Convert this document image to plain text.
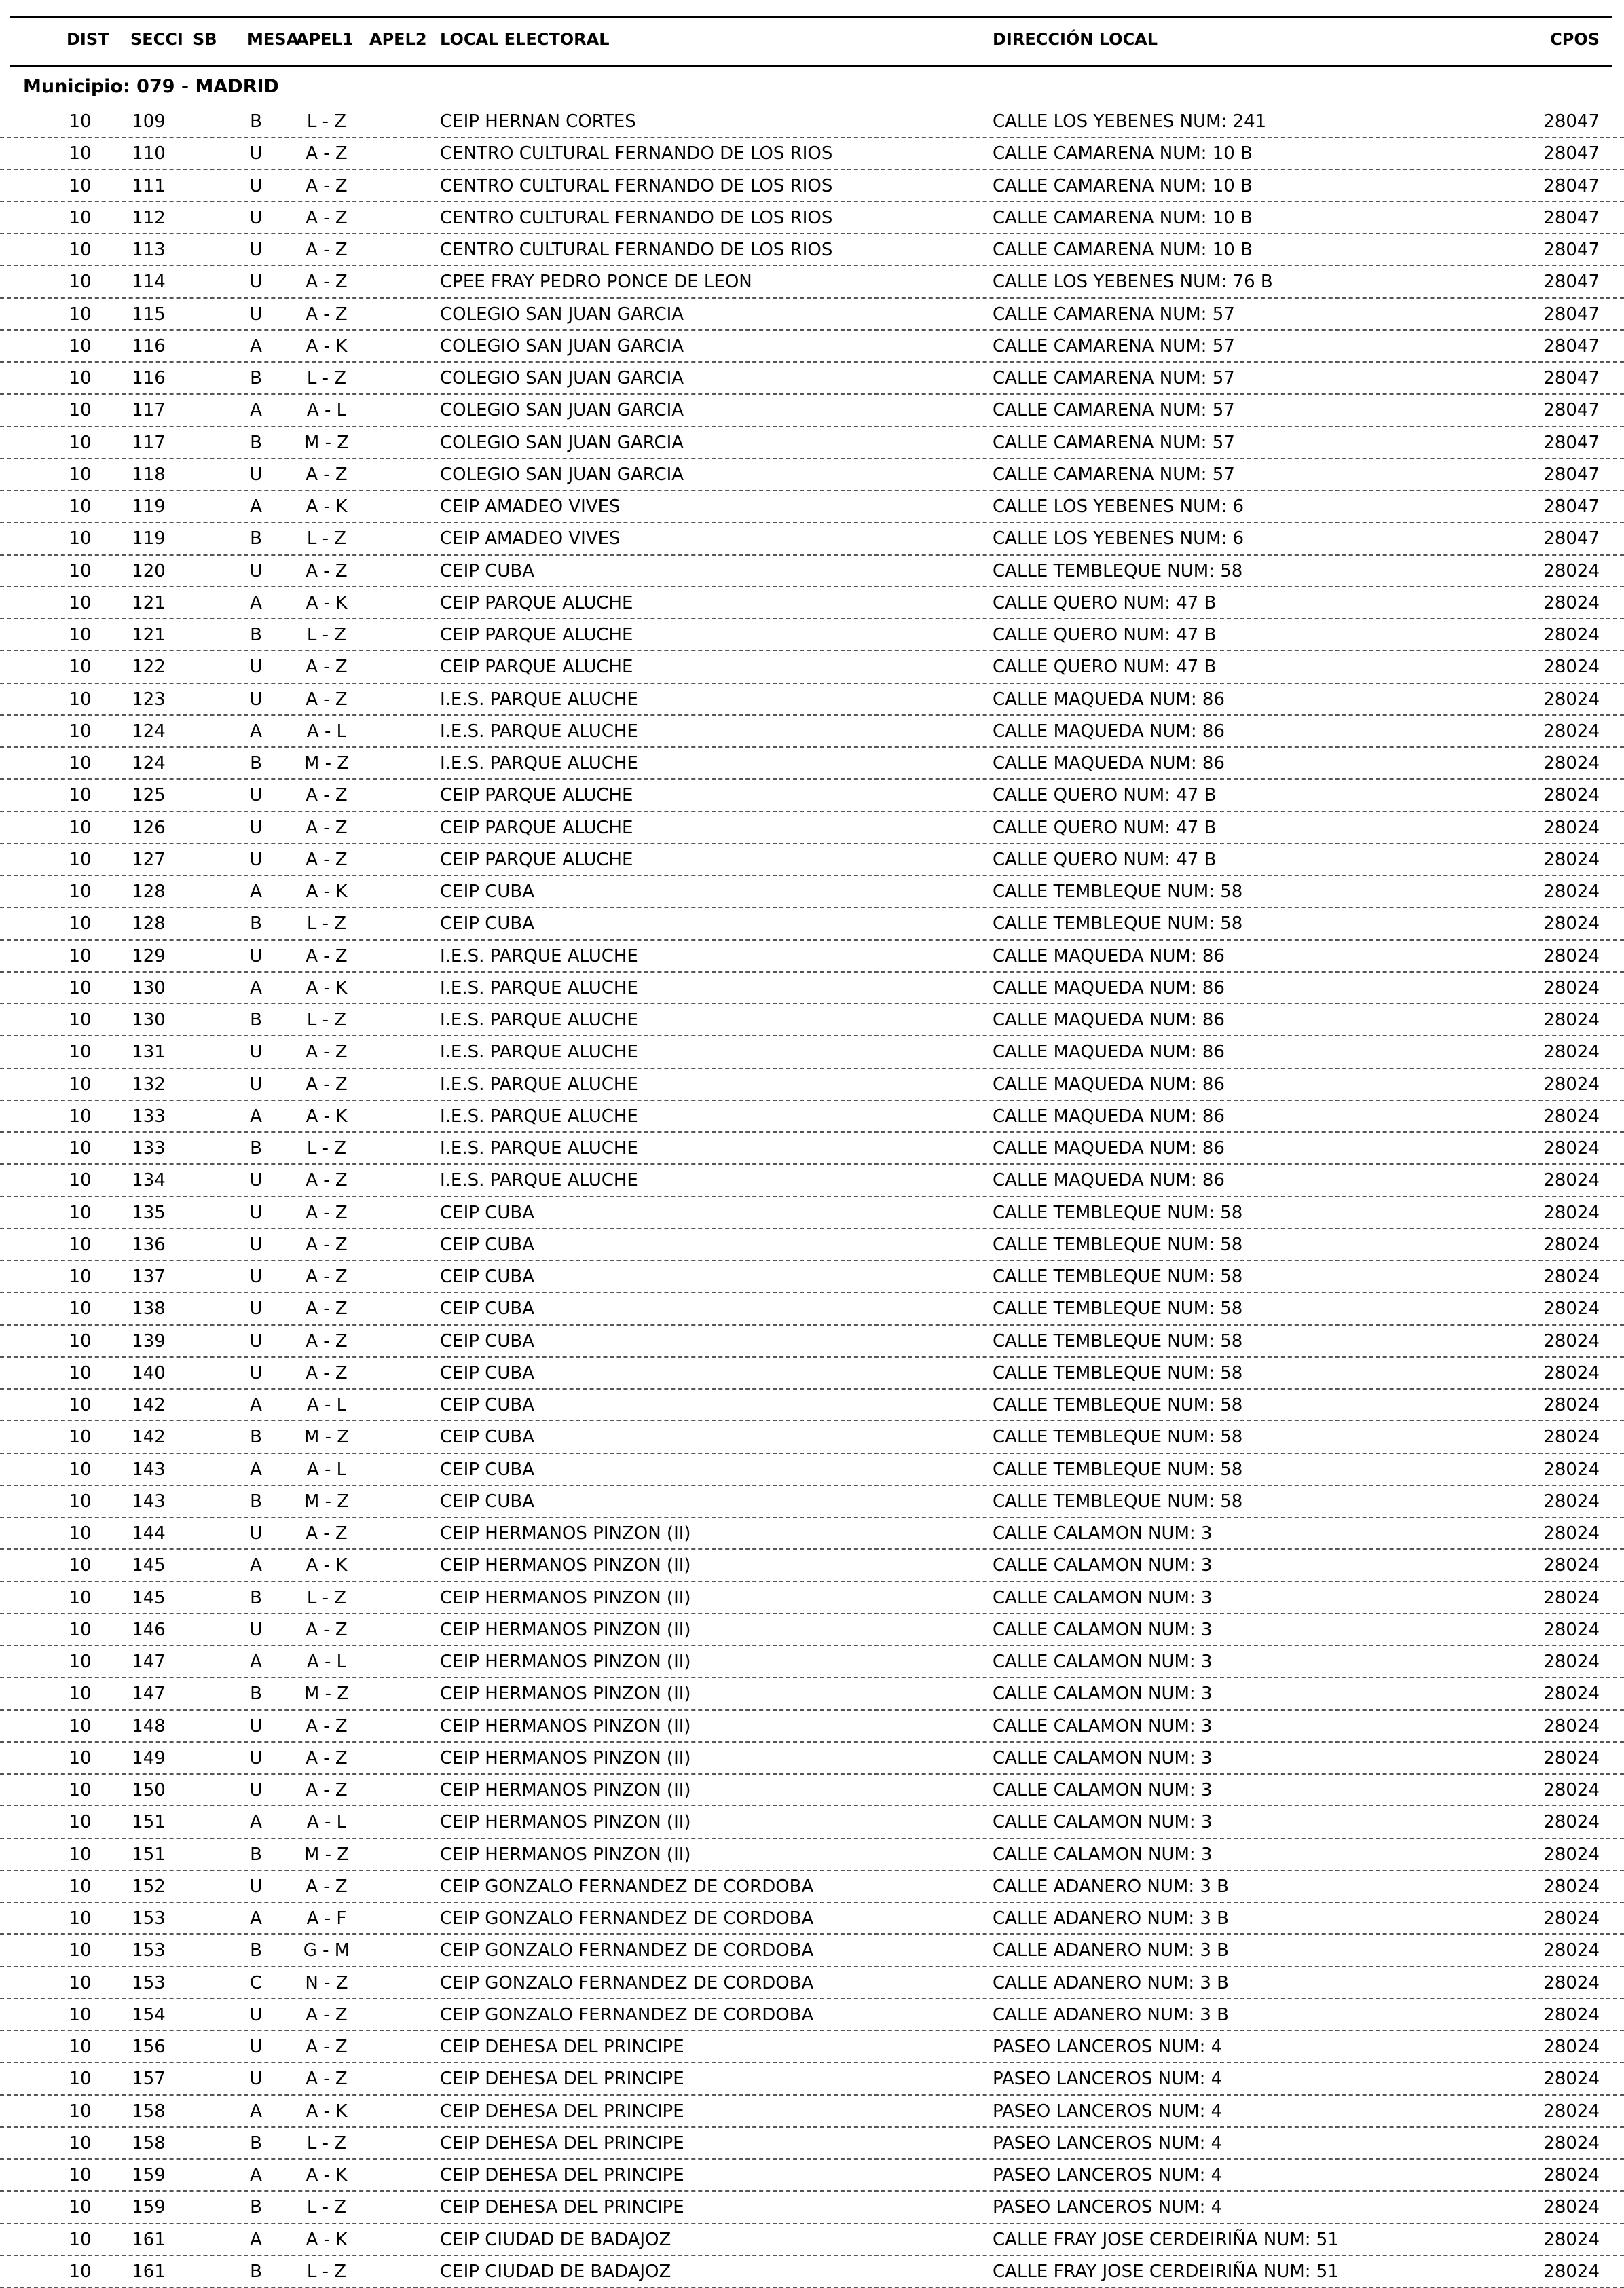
DIST SECCI SB MESA
APEL1 APEL2 LOCAL ELECTORAL	DIRECCIÓN LOCAL	CPOS
Municipio: 079 - MADRID
10 109	B	L - Z	CEIP HERNAN CORTES	CALLE LOS YEBENES NUM: 241	28047
10 110	U	A - Z	CENTRO CULTURAL FERNANDO DE LOS RIOS	CALLE CAMARENA NUM: 10 B	28047
10 111	U	A - Z	CENTRO CULTURAL FERNANDO DE LOS RIOS	CALLE CAMARENA NUM: 10 B	28047
10 112	U	A - Z	CENTRO CULTURAL FERNANDO DE LOS RIOS	CALLE CAMARENA NUM: 10 B	28047
10 113	U	A - Z	CENTRO CULTURAL FERNANDO DE LOS RIOS	CALLE CAMARENA NUM: 10 B	28047
10 114	U	A - Z	CPEE FRAY PEDRO PONCE DE LEON	CALLE LOS YEBENES NUM: 76 B	28047
10 115	U	A - Z	COLEGIO SAN JUAN GARCIA	CALLE CAMARENA NUM: 57	28047
10 116	A	A - K	COLEGIO SAN JUAN GARCIA	CALLE CAMARENA NUM: 57	28047
10 116	B	L - Z	COLEGIO SAN JUAN GARCIA	CALLE CAMARENA NUM: 57	28047
10 117	A	A - L	COLEGIO SAN JUAN GARCIA	CALLE CAMARENA NUM: 57	28047
10 117	B	M - Z	COLEGIO SAN JUAN GARCIA	CALLE CAMARENA NUM: 57	28047
10 118	U	A - Z	COLEGIO SAN JUAN GARCIA	CALLE CAMARENA NUM: 57	28047
10 119	A	A - K	CEIP AMADEO VIVES	CALLE LOS YEBENES NUM: 6	28047
10 119	B	L - Z	CEIP AMADEO VIVES	CALLE LOS YEBENES NUM: 6	28047
10 120	U	A - Z	CEIP CUBA	CALLE TEMBLEQUE NUM: 58	28024
10 121	A	A - K	CEIP PARQUE ALUCHE	CALLE QUERO NUM: 47 B	28024
10 121	B	L - Z	CEIP PARQUE ALUCHE	CALLE QUERO NUM: 47 B	28024
10 122	U	A - Z	CEIP PARQUE ALUCHE	CALLE QUERO NUM: 47 B	28024
10 123	U	A - Z	I.E.S. PARQUE ALUCHE	CALLE MAQUEDA NUM: 86	28024
10 124	A	A - L	I.E.S. PARQUE ALUCHE	CALLE MAQUEDA NUM: 86	28024
10 124	B	M - Z	I.E.S. PARQUE ALUCHE	CALLE MAQUEDA NUM: 86	28024
10 125	U	A - Z	CEIP PARQUE ALUCHE	CALLE QUERO NUM: 47 B	28024
10 126	U	A - Z	CEIP PARQUE ALUCHE	CALLE QUERO NUM: 47 B	28024
10 127	U	A - Z	CEIP PARQUE ALUCHE	CALLE QUERO NUM: 47 B	28024
10 128	A	A - K	CEIP CUBA	CALLE TEMBLEQUE NUM: 58	28024
10 128	B	L - Z	CEIP CUBA	CALLE TEMBLEQUE NUM: 58	28024
10 129	U	A - Z	I.E.S. PARQUE ALUCHE	CALLE MAQUEDA NUM: 86	28024
10 130	A	A - K	I.E.S. PARQUE ALUCHE	CALLE MAQUEDA NUM: 86	28024
10 130	B	L - Z	I.E.S. PARQUE ALUCHE	CALLE MAQUEDA NUM: 86	28024
10 131	U	A - Z	I.E.S. PARQUE ALUCHE	CALLE MAQUEDA NUM: 86	28024
10 132	U	A - Z	I.E.S. PARQUE ALUCHE	CALLE MAQUEDA NUM: 86	28024
10 133	A	A - K	I.E.S. PARQUE ALUCHE	CALLE MAQUEDA NUM: 86	28024
10 133	B	L - Z	I.E.S. PARQUE ALUCHE	CALLE MAQUEDA NUM: 86	28024
10 134	U	A - Z	I.E.S. PARQUE ALUCHE	CALLE MAQUEDA NUM: 86	28024
10 135	U	A - Z	CEIP CUBA	CALLE TEMBLEQUE NUM: 58	28024
10 136	U	A - Z	CEIP CUBA	CALLE TEMBLEQUE NUM: 58	28024
10 137	U	A - Z	CEIP CUBA	CALLE TEMBLEQUE NUM: 58	28024
10 138	U	A - Z	CEIP CUBA	CALLE TEMBLEQUE NUM: 58	28024
10 139	U	A - Z	CEIP CUBA	CALLE TEMBLEQUE NUM: 58	28024
10 140	U	A - Z	CEIP CUBA	CALLE TEMBLEQUE NUM: 58	28024
10 142	A	A - L	CEIP CUBA	CALLE TEMBLEQUE NUM: 58	28024
10 142	B	M - Z	CEIP CUBA	CALLE TEMBLEQUE NUM: 58	28024
10 143	A	A - L	CEIP CUBA	CALLE TEMBLEQUE NUM: 58	28024
10 143	B	M - Z	CEIP CUBA	CALLE TEMBLEQUE NUM: 58	28024
10 144	U	A - Z	CEIP HERMANOS PINZON (II)	CALLE CALAMON NUM: 3	28024
10 145	A	A - K	CEIP HERMANOS PINZON (II)	CALLE CALAMON NUM: 3	28024
10 145	B	L - Z	CEIP HERMANOS PINZON (II)	CALLE CALAMON NUM: 3	28024
10 146	U	A - Z	CEIP HERMANOS PINZON (II)	CALLE CALAMON NUM: 3	28024
10 147	A	A - L	CEIP HERMANOS PINZON (II)	CALLE CALAMON NUM: 3	28024
10 147	B	M - Z	CEIP HERMANOS PINZON (II)	CALLE CALAMON NUM: 3	28024
10 148	U	A - Z	CEIP HERMANOS PINZON (II)	CALLE CALAMON NUM: 3	28024
10 149	U	A - Z	CEIP HERMANOS PINZON (II)	CALLE CALAMON NUM: 3	28024
10 150	U	A - Z	CEIP HERMANOS PINZON (II)	CALLE CALAMON NUM: 3	28024
10 151	A	A - L	CEIP HERMANOS PINZON (II)	CALLE CALAMON NUM: 3	28024
10 151	B	M - Z	CEIP HERMANOS PINZON (II)	CALLE CALAMON NUM: 3	28024
10 152	U	A - Z	CEIP GONZALO FERNANDEZ DE CORDOBA	CALLE ADANERO NUM: 3 B	28024
10 153	A	A - F	CEIP GONZALO FERNANDEZ DE CORDOBA	CALLE ADANERO NUM: 3 B	28024
10 153	B	G - M	CEIP GONZALO FERNANDEZ DE CORDOBA	CALLE ADANERO NUM: 3 B	28024
10 153	C	N - Z	CEIP GONZALO FERNANDEZ DE CORDOBA	CALLE ADANERO NUM: 3 B	28024
10 154	U	A - Z	CEIP GONZALO FERNANDEZ DE CORDOBA	CALLE ADANERO NUM: 3 B	28024
10 156	U	A - Z	CEIP DEHESA DEL PRINCIPE	PASEO LANCEROS NUM: 4	28024
10 157	U	A - Z	CEIP DEHESA DEL PRINCIPE	PASEO LANCEROS NUM: 4	28024
10 158	A	A - K	CEIP DEHESA DEL PRINCIPE	PASEO LANCEROS NUM: 4	28024
10 158	B	L - Z	CEIP DEHESA DEL PRINCIPE	PASEO LANCEROS NUM: 4	28024
10 159	A	A - K	CEIP DEHESA DEL PRINCIPE	PASEO LANCEROS NUM: 4	28024
10 159	B	L - Z	CEIP DEHESA DEL PRINCIPE	PASEO LANCEROS NUM: 4	28024
10 161	A	A - K	CEIP CIUDAD DE BADAJOZ	CALLE FRAY JOSE CERDEIRIÑA NUM: 51	28024
10 161	B	L - Z	CEIP CIUDAD DE BADAJOZ	CALLE FRAY JOSE CERDEIRIÑA NUM: 51	28024
